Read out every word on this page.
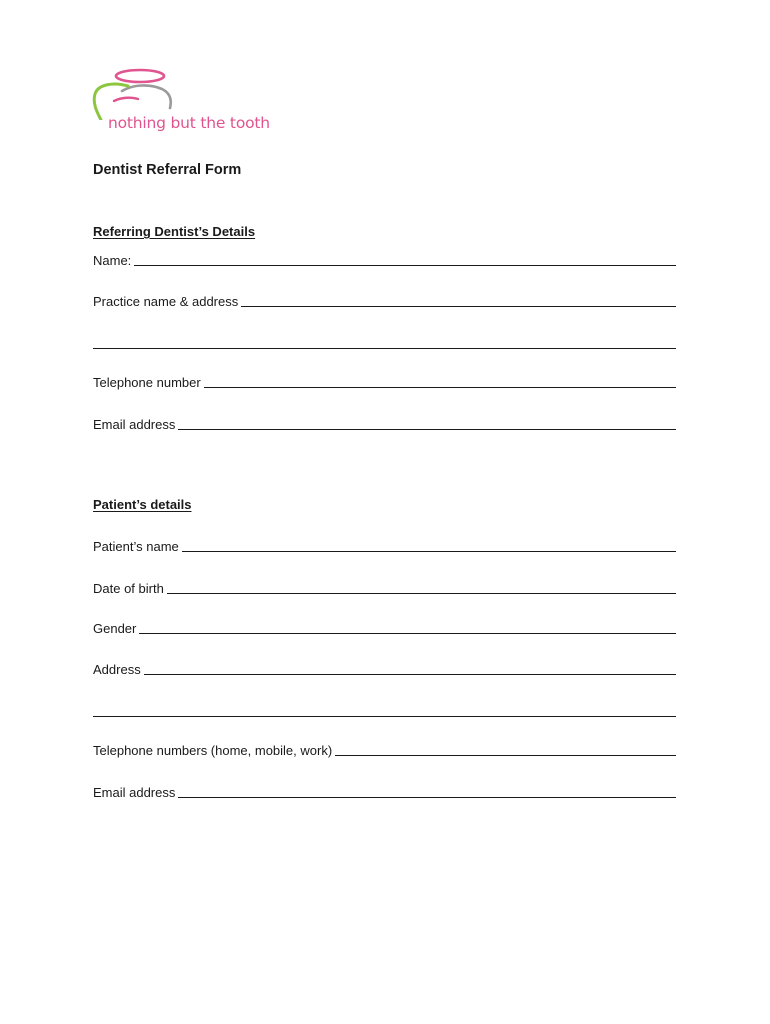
nothing but the tooth
Dentist Referral Form
Referring Dentist’s Details
Name:
Practice name & address
Telephone number
Email address
Patient’s details
Patient’s name
Date of birth
Gender
Address
Telephone numbers (home, mobile, work)
Email address
